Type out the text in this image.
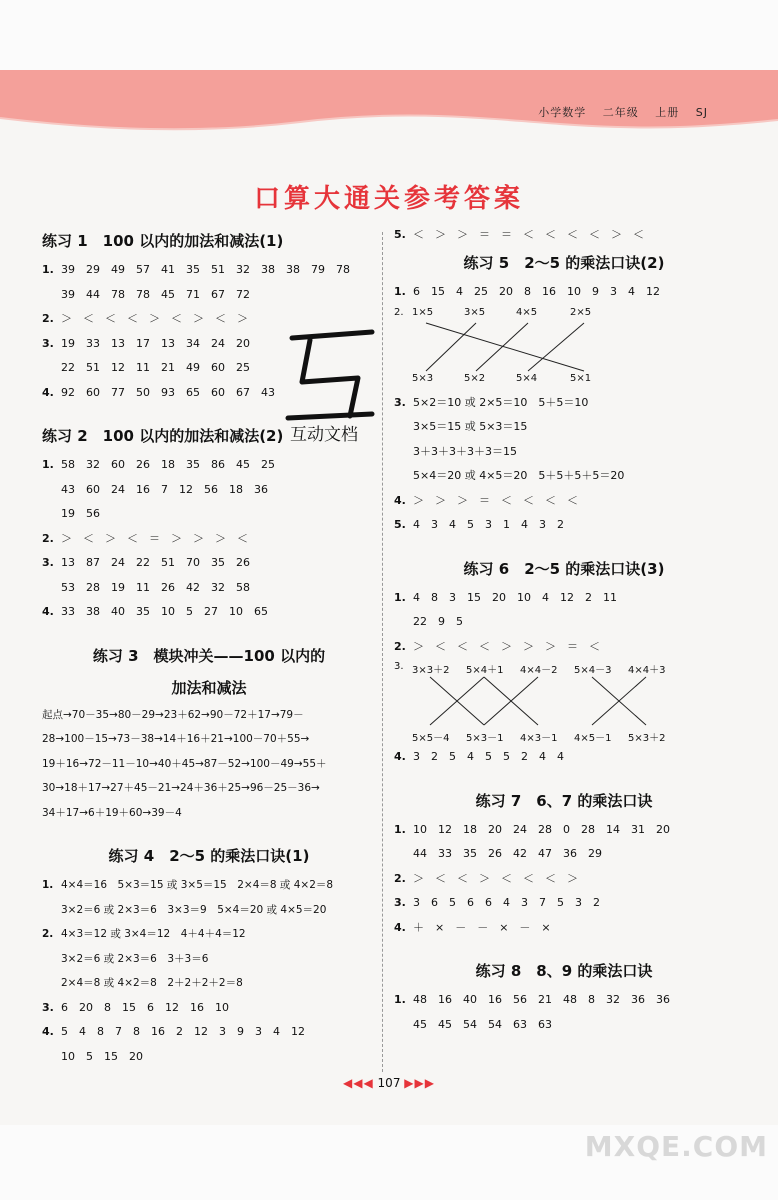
小学数学　 二年级　 上册　 SJ
口算大通关参考答案
练习 1　100 以内的加法和减法(1)
1. 39　29　49　57　41　35　51　32　38　38　79　78
39　44　78　78　45　71　67　72
2. ＞　＜　＜　＜　＞　＜　＞　＜　＞
3. 19　33　13　17　13　34　24　20
22　51　12　11　21　49　60　25
4. 92　60　77　50　93　65　60　67　43
练习 2　100 以内的加法和减法(2)
1. 58　32　60　26　18　35　86　45　25
43　60　24　16　7　12　56　18　36
19　56
2. ＞　＜　＞　＜　＝　＞　＞　＞　＜
3. 13　87　24　22　51　70　35　26
53　28　19　11　26　42　32　58
4. 33　38　40　35　10　5　27　10　65
练习 3　模块冲关——100 以内的
加法和减法
起点→70－35→80－29→23＋62→90－72＋17→79－
28→100－15→73－38→14＋16＋21→100－70＋55→
19＋16→72－11－10→40＋45→87－52→100－49→55＋
30→18＋17→27＋45－21→24＋36＋25→96－25－36→
34＋17→6＋19＋60→39－4
练习 4　2～5 的乘法口诀(1)
1. 4×4＝16　5×3＝15 或 3×5＝15　2×4＝8 或 4×2＝8
3×2＝6 或 2×3＝6　3×3＝9　5×4＝20 或 4×5＝20
2. 4×3＝12 或 3×4＝12　4＋4＋4＝12
3×2＝6 或 2×3＝6　3＋3＝6
2×4＝8 或 4×2＝8　2＋2＋2＋2＝8
3. 6　20　8　15　6　12　16　10
4. 5　4　8　7　8　16　2　12　3　9　3　4　12
10　5　15　20
5. ＜　＞　＞　＝　＝　＜　＜　＜　＜　＞　＜
练习 5　2～5 的乘法口诀(2)
1. 6　15　4　25　20　8　16　10　9　3　4　12
2. 1×5	3×5	4×5	2×5
5×3	5×2	5×4	5×1
3. 5×2＝10 或 2×5＝10　5＋5＝10
3×5＝15 或 5×3＝15
3＋3＋3＋3＋3＝15
5×4＝20 或 4×5＝20　5＋5＋5＋5＝20
4. ＞　＞　＞　＝　＜　＜　＜　＜
5. 4　3　4　5　3　1　4　3　2
练习 6　2～5 的乘法口诀(3)
1. 4　8　3　15　20　10　4　12　2　11
22　9　5
2. ＞　＜　＜　＜　＞　＞　＞　＝　＜
3. 3×3＋2 5×4＋1 4×4－2 5×4－3 4×4＋3
5×5－4 5×3－1 4×3－1 4×5－1 5×3＋2
4. 3　2　5　4　5　5　2　4　4
练习 7　6、7 的乘法口诀
1. 10　12　18　20　24　28　0　28　14　31　20
44　33　35　26　42　47　36　29
2. ＞　＜　＜　＞　＜　＜　＜　＞
3. 3　6　5　6　6　4　3　7　5　3　2
4. ＋　×　－　－　×　－　×
练习 8　8、9 的乘法口诀
1. 48　16　40　16　56　21　48　8　32　36　36
45　45　54　54　63　63
互动文档
◀◀◀ 107 ▶▶▶
MXQE.COM
